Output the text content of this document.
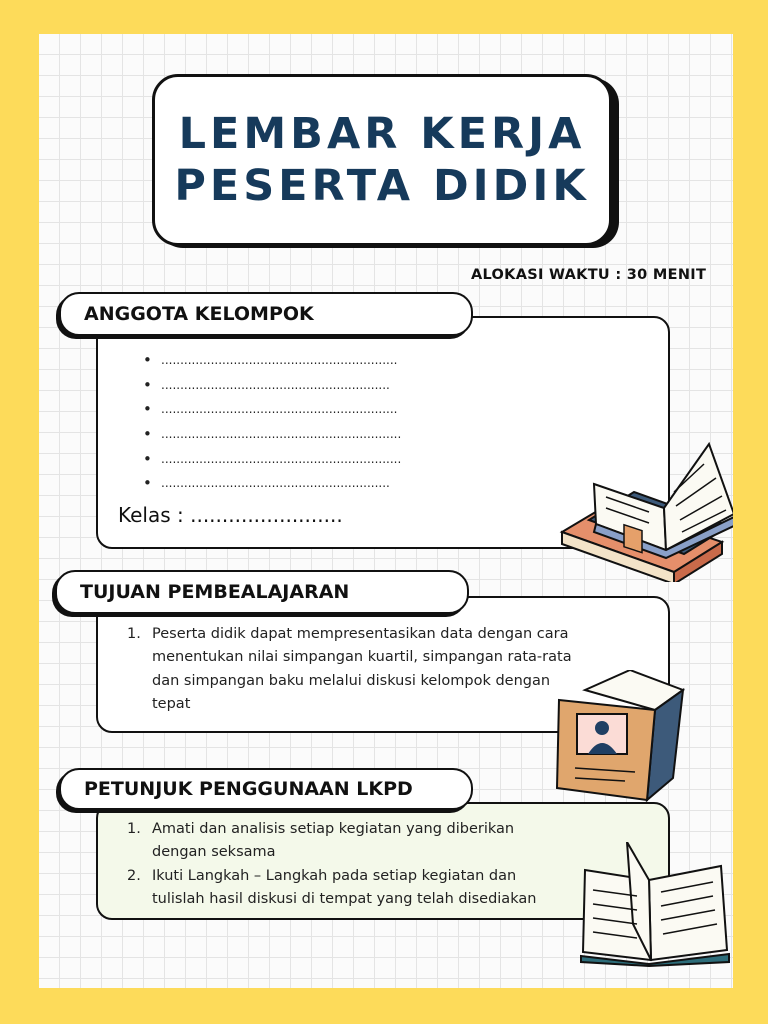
LEMBAR KERJA
PESERTA DIDIK
ALOKASI WAKTU : 30 MENIT
ANGGOTA KELOMPOK
• ..............................................................
• ............................................................
• ..............................................................
• ...............................................................
• ...............................................................
• ............................................................
Kelas : ........................
TUJUAN PEMBEALAJARAN
1. Peserta didik dapat mempresentasikan data dengan cara menentukan nilai simpangan kuartil, simpangan rata-rata dan simpangan baku melalui diskusi kelompok dengan tepat
PETUNJUK PENGGUNAAN LKPD
1. Amati dan analisis setiap kegiatan yang diberikan dengan seksama
2. Ikuti Langkah – Langkah pada setiap kegiatan dan tulislah hasil diskusi di tempat yang telah disediakan
